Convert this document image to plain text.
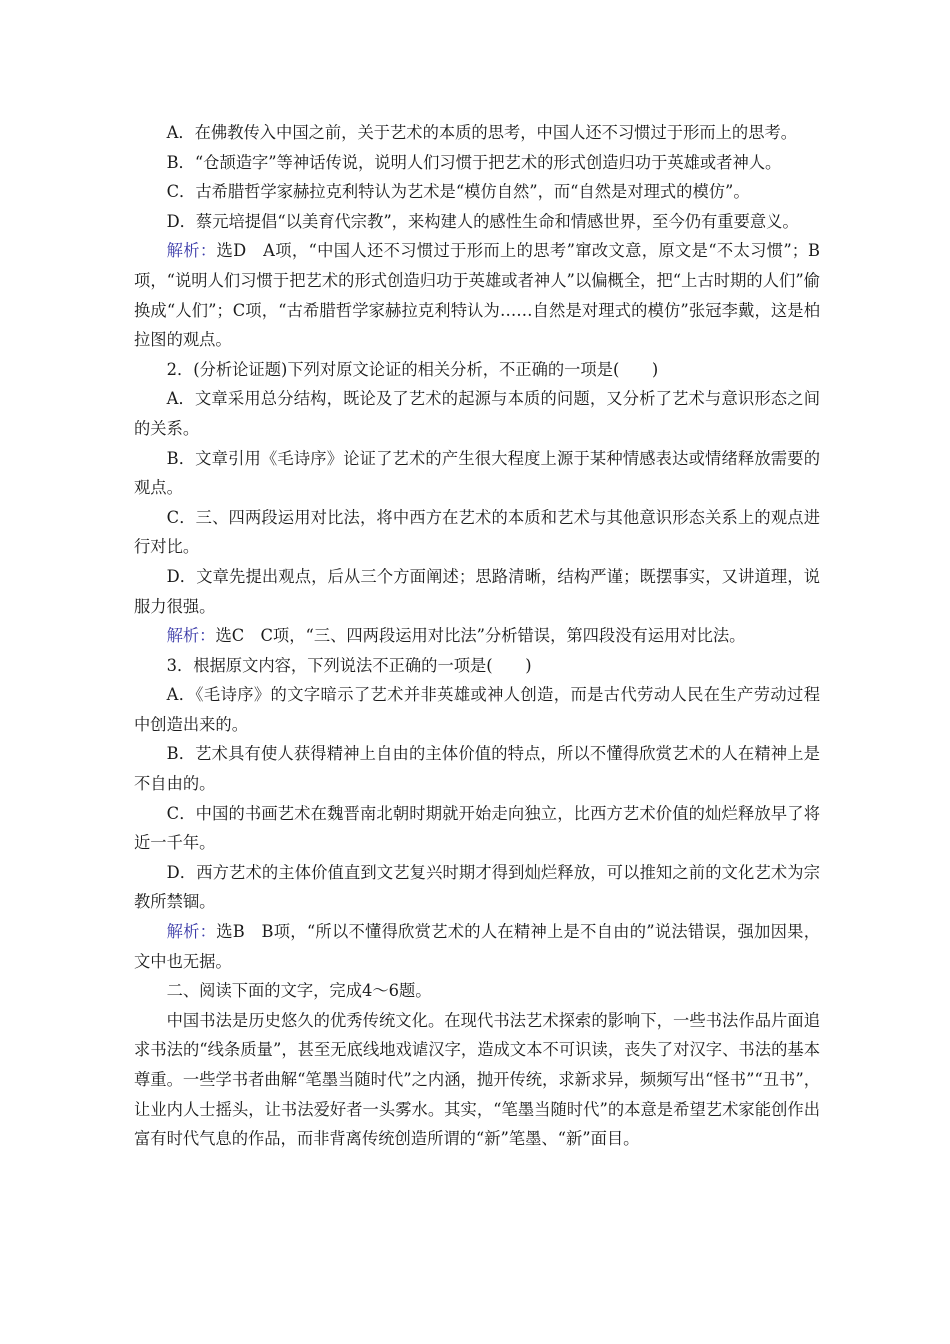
A．在佛教传入中国之前，关于艺术的本质的思考，中国人还不习惯过于形而上的思考。

B．“仓颉造字”等神话传说，说明人们习惯于把艺术的形式创造归功于英雄或者神人。

C．古希腊哲学家赫拉克利特认为艺术是“模仿自然”，而“自然是对理式的模仿”。

D．蔡元培提倡“以美育代宗教”，来构建人的感性生命和情感世界，至今仍有重要意义。

解析：选D　A项，“中国人还不习惯过于形而上的思考”窜改文意，原文是“不太习惯”；B项，“说明人们习惯于把艺术的形式创造归功于英雄或者神人”以偏概全，把“上古时期的人们”偷换成“人们”；C项，“古希腊哲学家赫拉克利特认为……自然是对理式的模仿”张冠李戴，这是柏拉图的观点。

2．(分析论证题)下列对原文论证的相关分析，不正确的一项是(　　)

A．文章采用总分结构，既论及了艺术的起源与本质的问题，又分析了艺术与意识形态之间的关系。

B．文章引用《毛诗序》论证了艺术的产生很大程度上源于某种情感表达或情绪释放需要的观点。

C．三、四两段运用对比法，将中西方在艺术的本质和艺术与其他意识形态关系上的观点进行对比。

D．文章先提出观点，后从三个方面阐述；思路清晰，结构严谨；既摆事实，又讲道理，说服力很强。

解析：选C　C项，“三、四两段运用对比法”分析错误，第四段没有运用对比法。

3．根据原文内容，下列说法不正确的一项是(　　)

A．《毛诗序》的文字暗示了艺术并非英雄或神人创造，而是古代劳动人民在生产劳动过程中创造出来的。

B．艺术具有使人获得精神上自由的主体价值的特点，所以不懂得欣赏艺术的人在精神上是不自由的。

C．中国的书画艺术在魏晋南北朝时期就开始走向独立，比西方艺术价值的灿烂释放早了将近一千年。

D．西方艺术的主体价值直到文艺复兴时期才得到灿烂释放，可以推知之前的文化艺术为宗教所禁锢。

解析：选B　B项，“所以不懂得欣赏艺术的人在精神上是不自由的”说法错误，强加因果，文中也无据。

二、阅读下面的文字，完成4～6题。

中国书法是历史悠久的优秀传统文化。在现代书法艺术探索的影响下，一些书法作品片面追求书法的“线条质量”，甚至无底线地戏谑汉字，造成文本不可识读，丧失了对汉字、书法的基本尊重。一些学书者曲解“笔墨当随时代”之内涵，抛开传统，求新求异，频频写出“怪书”“丑书”，让业内人士摇头，让书法爱好者一头雾水。其实，“笔墨当随时代”的本意是希望艺术家能创作出富有时代气息的作品，而非背离传统创造所谓的“新”笔墨、“新”面目。
